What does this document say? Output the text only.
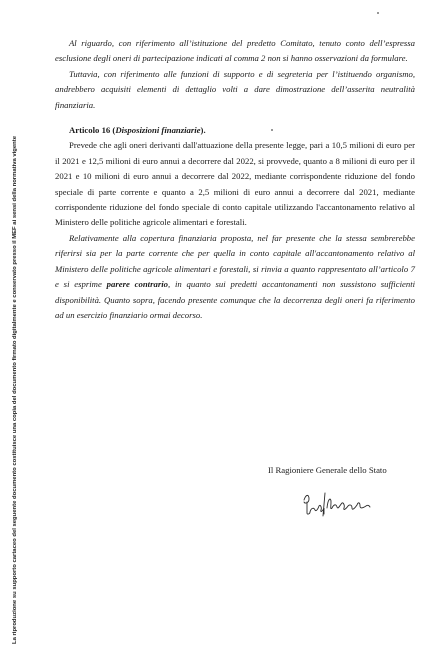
La riproduzione su supporto cartaceo del seguente documento costituisce una copia del documento firmato digitalmente e conservato presso il MEF ai sensi della normativa vigente

Al riguardo, con riferimento all’istituzione del predetto Comitato, tenuto conto dell’espressa esclusione degli oneri di partecipazione indicati al comma 2 non si hanno osservazioni da formulare.

Tuttavia, con riferimento alle funzioni di supporto e di segreteria per l’istituendo organismo, andrebbero acquisiti elementi di dettaglio volti a dare dimostrazione dell’asserita neutralità finanziaria.

Articolo 16 (Disposizioni finanziarie).

Prevede che agli oneri derivanti dall'attuazione della presente legge, pari a 10,5 milioni di euro per il 2021 e 12,5 milioni di euro annui a decorrere dal 2022, si provvede, quanto a 8 milioni di euro per il 2021 e 10 milioni di euro annui a decorrere dal 2022, mediante corrispondente riduzione del fondo speciale di parte corrente e quanto a 2,5 milioni di euro annui a decorrere dal 2021, mediante corrispondente riduzione del fondo speciale di conto capitale utilizzando l'accantonamento relativo al Ministero delle politiche agricole alimentari e forestali.

Relativamente alla copertura finanziaria proposta, nel far presente che la stessa sembrerebbe riferirsi sia per la parte corrente che per quella in conto capitale all'accantonamento relativo al Ministero delle politiche agricole alimentari e forestali, si rinvia a quanto rappresentato all’articolo 7 e si esprime parere contrario, in quanto sui predetti accantonamenti non sussistono sufficienti disponibilità. Quanto sopra, facendo presente comunque che la decorrenza degli oneri fa riferimento ad un esercizio finanziario ormai decorso.

Il Ragioniere Generale dello Stato
